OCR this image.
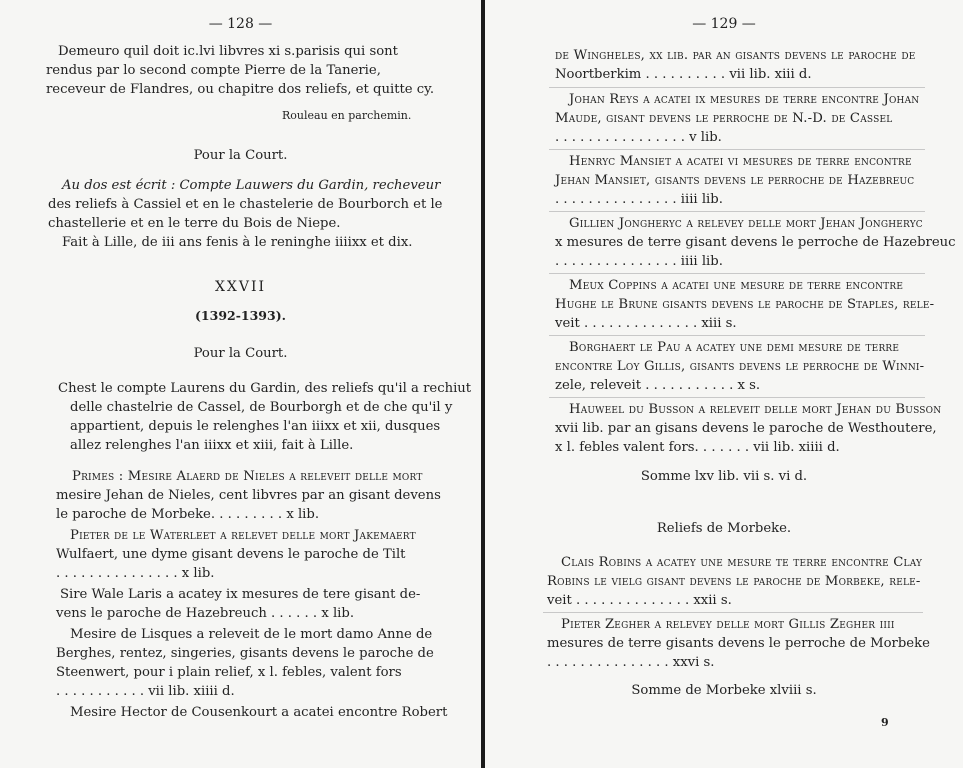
— 128 —
Demeuro quil doit ic.lvi libvres xi s.parisis qui sont
rendus par lo second compte Pierre de la Tanerie,
receveur de Flandres, ou chapitre dos reliefs, et quitte cy.
Rouleau en parchemin.
Pour la Court.
Au dos est écrit : Compte Lauwers du Gardin, recheveur
des reliefs à Cassiel et en le chastelerie de Bourborch et le
chastellerie et en le terre du Bois de Niepe.
Fait à Lille, de iii ans fenis à le reninghe iiiixx et dix.
XXVII
(1392-1393).
Pour la Court.
Chest le compte Laurens du Gardin, des reliefs qu'il a rechiut
delle chastelrie de Cassel, de Bourborgh et de che qu'il y
appartient, depuis le relenghes l'an iiixx et xii, dusques
allez relenghes l'an iiixx et xiii, fait à Lille.
Primes : Mesire Alaerd de Nieles a releveit delle mort
mesire Jehan de Nieles, cent libvres par an gisant devens
le paroche de Morbeke. . . . . . . . . x lib.
Pieter de le Waterleet a relevet delle mort Jakemaert
Wulfaert, une dyme gisant devens le paroche de Tilt
. . . . . . . . . . . . . . . x lib.
Sire Wale Laris a acatey ix mesures de tere gisant de-
vens le paroche de Hazebreuch . . . . . . x lib.
Mesire de Lisques a releveit de le mort damo Anne de
Berghes, rentez, singeries, gisants devens le paroche de
Steenwert, pour i plain relief, x l. febles, valent fors
. . . . . . . . . . . vii lib. xiiii d.
Mesire Hector de Cousenkourt a acatei encontre Robert
— 129 —
de Wingheles, xx lib. par an gisants devens le paroche de
Noortberkim . . . . . . . . . . vii lib. xiii d.
Johan Reys a acatei ix mesures de terre encontre Johan
Maude, gisant devens le perroche de N.-D. de Cassel
. . . . . . . . . . . . . . . . v lib.
Henryc Mansiet a acatei vi mesures de terre encontre
Jehan Mansiet, gisants devens le perroche de Hazebreuc
. . . . . . . . . . . . . . . iiii lib.
Gillien Jongheryc a relevey delle mort Jehan Jongheryc
x mesures de terre gisant devens le perroche de Hazebreuc
. . . . . . . . . . . . . . . iiii lib.
Meux Coppins a acatei une mesure de terre encontre
Hughe le Brune gisants devens le paroche de Staples, rele-
veit . . . . . . . . . . . . . . xiii s.
Borghaert le Pau a acatey une demi mesure de terre
encontre Loy Gillis, gisants devens le perroche de Winni-
zele, releveit . . . . . . . . . . . x s.
Hauweel du Busson a releveit delle mort Jehan du Busson
xvii lib. par an gisans devens le paroche de Westhoutere,
x l. febles valent fors. . . . . . . vii lib. xiiii d.
Somme lxv lib. vii s. vi d.
Reliefs de Morbeke.
Clais Robins a acatey une mesure te terre encontre Clay
Robins le vielg gisant devens le paroche de Morbeke, rele-
veit . . . . . . . . . . . . . . xxii s.
Pieter Zegher a relevey delle mort Gillis Zegher iiii
mesures de terre gisants devens le perroche de Morbeke
. . . . . . . . . . . . . . . xxvi s.
Somme de Morbeke xlviii s.
9
